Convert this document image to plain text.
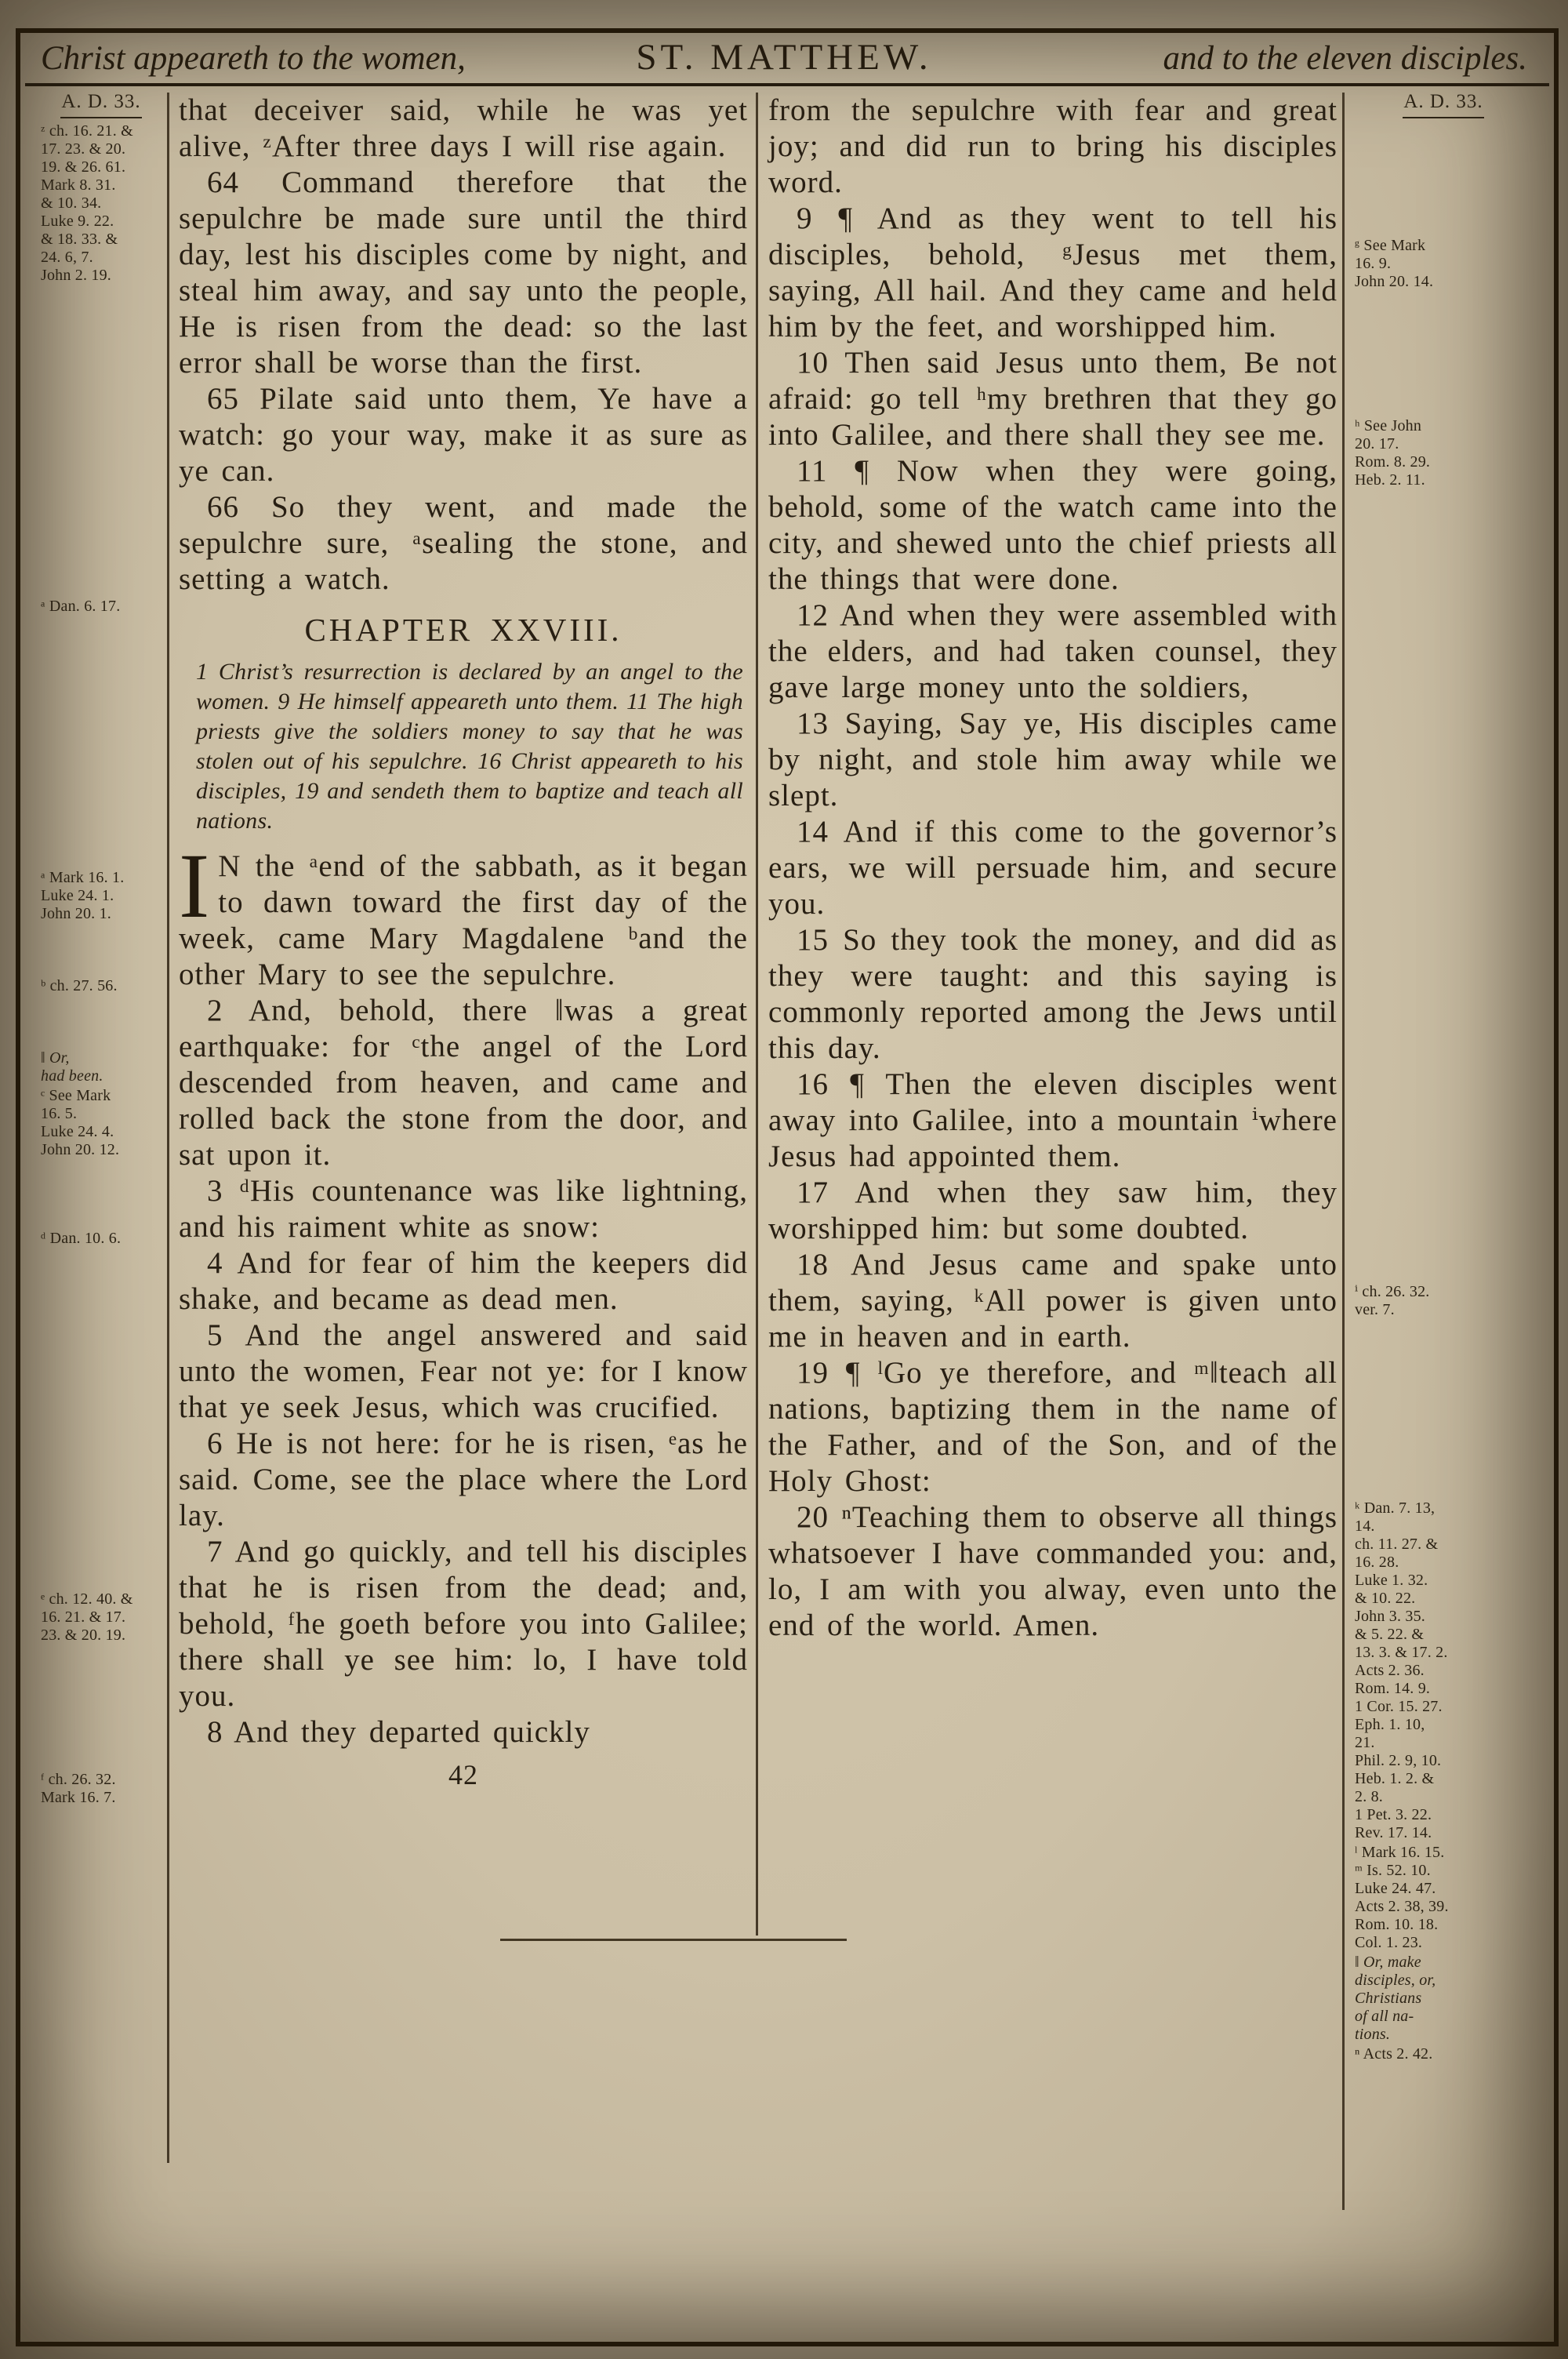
Christ appeareth to the women,	ST. MATTHEW.	and to the eleven disciples.
A. D. 33.
ᶻ ch. 16. 21. &
17. 23. & 20.
19. & 26. 61.
Mark 8. 31.
& 10. 34.
Luke 9. 22.
& 18. 33. &
24. 6, 7.
John 2. 19.
ᵃ Dan. 6. 17.
ᵃ Mark 16. 1.
Luke 24. 1.
John 20. 1.
ᵇ ch. 27. 56.
‖ Or,
had been.
ᶜ See Mark
16. 5.
Luke 24. 4.
John 20. 12.
ᵈ Dan. 10. 6.
ᵉ ch. 12. 40. &
16. 21. & 17.
23. & 20. 19.
ᶠ ch. 26. 32.
Mark 16. 7.

that deceiver said, while he was yet alive, ᶻAfter three days I will rise again.

64 Command therefore that the sepulchre be made sure until the third day, lest his disciples come by night, and steal him away, and say unto the people, He is risen from the dead: so the last error shall be worse than the first.

65 Pilate said unto them, Ye have a watch: go your way, make it as sure as ye can.

66 So they went, and made the sepulchre sure, ᵃsealing the stone, and setting a watch.

CHAPTER XXVIII.

1 Christ’s resurrection is declared by an angel to the women. 9 He himself appeareth unto them. 11 The high priests give the soldiers money to say that he was stolen out of his sepulchre. 16 Christ appeareth to his disciples, 19 and sendeth them to baptize and teach all nations.

I N the ᵃend of the sabbath, as it began to dawn toward the first day of the week, came Mary Magdalene ᵇand the other Mary to see the sepulchre.

2 And, behold, there ‖was a great earthquake: for ᶜthe angel of the Lord descended from heaven, and came and rolled back the stone from the door, and sat upon it.

3 ᵈHis countenance was like lightning, and his raiment white as snow:

4 And for fear of him the keepers did shake, and became as dead men.

5 And the angel answered and said unto the women, Fear not ye: for I know that ye seek Jesus, which was crucified.

6 He is not here: for he is risen, ᵉas he said. Come, see the place where the Lord lay.

7 And go quickly, and tell his disciples that he is risen from the dead; and, behold, ᶠhe goeth before you into Galilee; there shall ye see him: lo, I have told you.

8 And they departed quickly

42

from the sepulchre with fear and great joy; and did run to bring his disciples word.

9 ¶ And as they went to tell his disciples, behold, ᵍJesus met them, saying, All hail. And they came and held him by the feet, and worshipped him.

10 Then said Jesus unto them, Be not afraid: go tell ʰmy brethren that they go into Galilee, and there shall they see me.

11 ¶ Now when they were going, behold, some of the watch came into the city, and shewed unto the chief priests all the things that were done.

12 And when they were assembled with the elders, and had taken counsel, they gave large money unto the soldiers,

13 Saying, Say ye, His disciples came by night, and stole him away while we slept.

14 And if this come to the governor’s ears, we will persuade him, and secure you.

15 So they took the money, and did as they were taught: and this saying is commonly reported among the Jews until this day.

16 ¶ Then the eleven disciples went away into Galilee, into a mountain ⁱwhere Jesus had appointed them.

17 And when they saw him, they worshipped him: but some doubted.

18 And Jesus came and spake unto them, saying, ᵏAll power is given unto me in heaven and in earth.

19 ¶ ˡGo ye therefore, and ᵐ‖teach all nations, baptizing them in the name of the Father, and of the Son, and of the Holy Ghost:

20 ⁿTeaching them to observe all things whatsoever I have commanded you: and, lo, I am with you alway, even unto the end of the world. Amen.

A. D. 33.
ᵍ See Mark
16. 9.
John 20. 14.
ʰ See John
20. 17.
Rom. 8. 29.
Heb. 2. 11.
ⁱ ch. 26. 32.
ver. 7.
ᵏ Dan. 7. 13,
14.
ch. 11. 27. &
16. 28.
Luke 1. 32.
& 10. 22.
John 3. 35.
& 5. 22. &
13. 3. & 17. 2.
Acts 2. 36.
Rom. 14. 9.
1 Cor. 15. 27.
Eph. 1. 10,
21.
Phil. 2. 9, 10.
Heb. 1. 2. &
2. 8.
1 Pet. 3. 22.
Rev. 17. 14.
ˡ Mark 16. 15.
ᵐ Is. 52. 10.
Luke 24. 47.
Acts 2. 38, 39.
Rom. 10. 18.
Col. 1. 23.
‖ Or, make
disciples, or,
Christians
of all na-
tions.
ⁿ Acts 2. 42.
